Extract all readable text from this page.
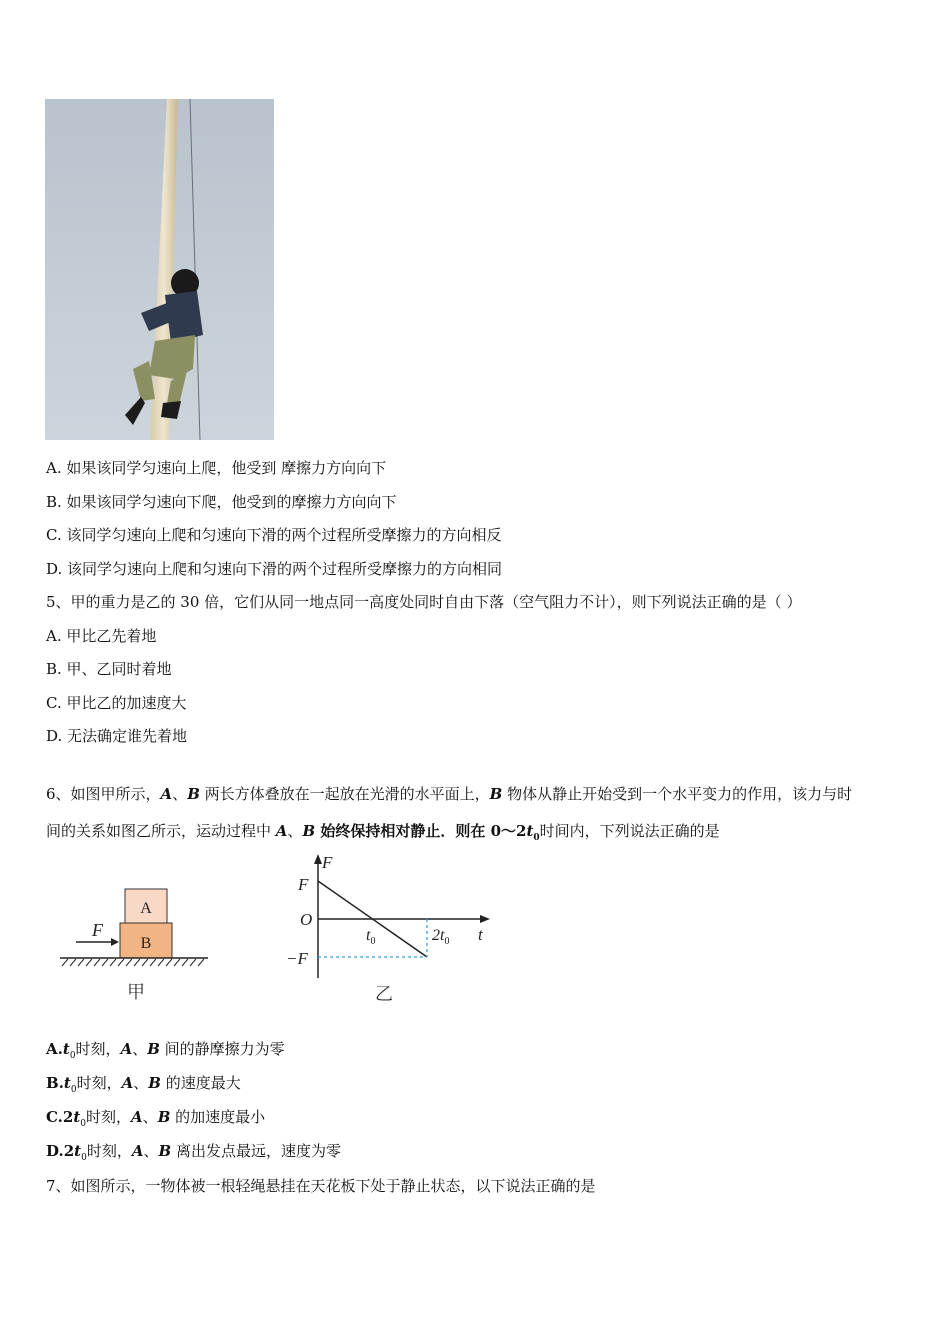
A. 如果该同学匀速向上爬，他受到 摩擦力方向向下
B. 如果该同学匀速向下爬，他受到的摩擦力方向向下
C. 该同学匀速向上爬和匀速向下滑的两个过程所受摩擦力的方向相反
D. 该同学匀速向上爬和匀速向下滑的两个过程所受摩擦力的方向相同
5、甲的重力是乙的 30 倍，它们从同一地点同一高度处同时自由下落（空气阻力不计），则下列说法正确的是（ ）
A. 甲比乙先着地
B. 甲、乙同时着地
C. 甲比乙的加速度大
D. 无法确定谁先着地
6、如图甲所示，A、B 两长方体叠放在一起放在光滑的水平面上，B 物体从静止开始受到一个水平变力的作用，该力与时
间的关系如图乙所示，运动过程中 A、B 始终保持相对静止．则在 $0\sim 2t_0$时间内，下列说法正确的是
A
B
F
甲
F
t
O
F
−F
$t_0$	$2t_0$
乙
$A.t_0$时刻，A、B 间的静摩擦力为零
$B.t_0$时刻，A、B 的速度最大
$C.2t_0$时刻，A、B 的加速度最小
$D.2t_0$时刻，A、B 离出发点最远，速度为零
7、如图所示，一物体被一根轻绳悬挂在天花板下处于静止状态，以下说法正确的是
